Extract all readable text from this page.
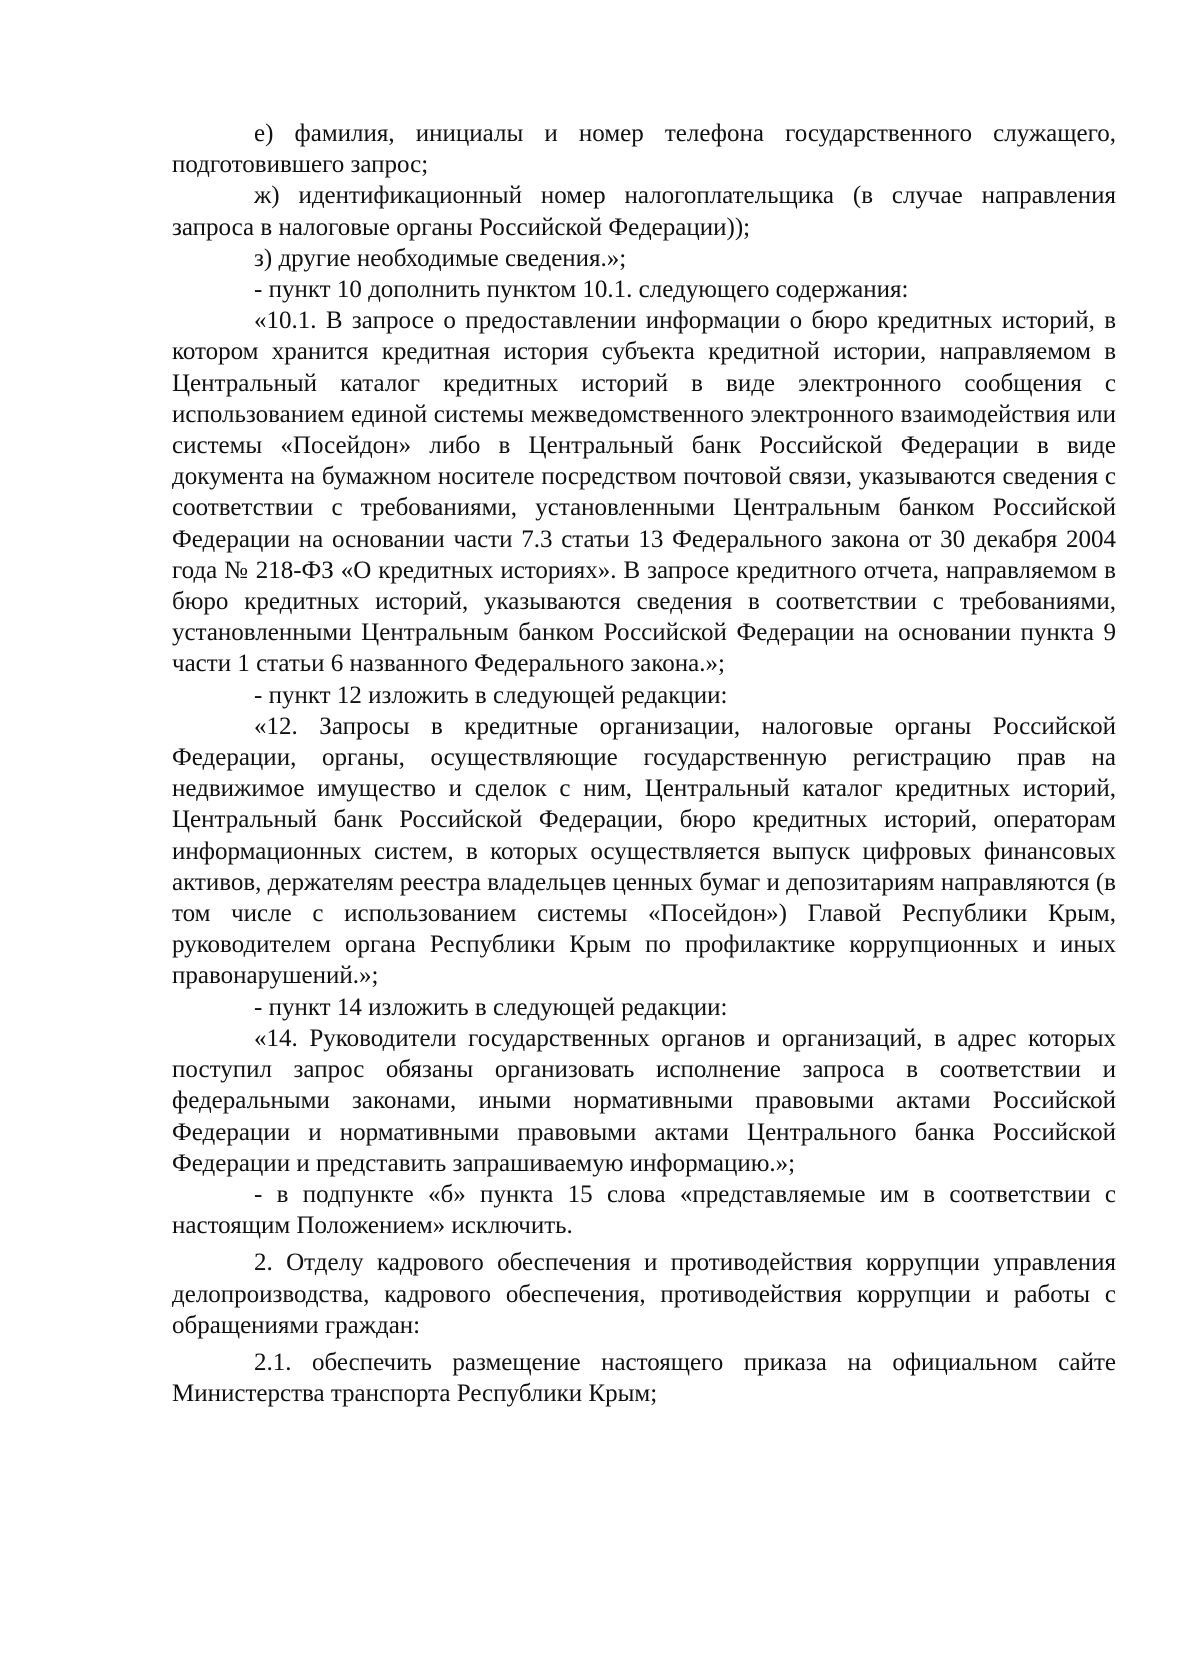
е) фамилия, инициалы и номер телефона государственного служащего, подготовившего запрос;

ж) идентификационный номер налогоплательщика (в случае направления запроса в налоговые органы Российской Федерации));

з) другие необходимые сведения.»;

- пункт 10 дополнить пунктом 10.1. следующего содержания:

«10.1. В запросе о предоставлении информации о бюро кредитных историй, в котором хранится кредитная история субъекта кредитной истории, направляемом в Центральный каталог кредитных историй в виде электронного сообщения с использованием единой системы межведомственного электронного взаимодействия или системы «Посейдон» либо в Центральный банк Российской Федерации в виде документа на бумажном носителе посредством почтовой связи, указываются сведения с соответствии с требованиями, установленными Центральным банком Российской Федерации на основании части 7.3 статьи 13 Федерального закона от 30 декабря 2004 года № 218-ФЗ «О кредитных историях». В запросе кредитного отчета, направляемом в бюро кредитных историй, указываются сведения в соответствии с требованиями, установленными Центральным банком Российской Федерации на основании пункта 9 части 1 статьи 6 названного Федерального закона.»;

- пункт 12 изложить в следующей редакции:

«12. Запросы в кредитные организации, налоговые органы Российской Федерации, органы, осуществляющие государственную регистрацию прав на недвижимое имущество и сделок с ним, Центральный каталог кредитных историй, Центральный банк Российской Федерации, бюро кредитных историй, операторам информационных систем, в которых осуществляется выпуск цифровых финансовых активов, держателям реестра владельцев ценных бумаг и депозитариям направляются (в том числе с использованием системы «Посейдон») Главой Республики Крым, руководителем органа Республики Крым по профилактике коррупционных и иных правонарушений.»;

- пункт 14 изложить в следующей редакции:

«14. Руководители государственных органов и организаций, в адрес которых поступил запрос обязаны организовать исполнение запроса в соответствии и федеральными законами, иными нормативными правовыми актами Российской Федерации и нормативными правовыми актами Центрального банка Российской Федерации и представить запрашиваемую информацию.»;

- в подпункте «б» пункта 15 слова «представляемые им в соответствии с настоящим Положением» исключить.

2. Отделу кадрового обеспечения и противодействия коррупции управления делопроизводства, кадрового обеспечения, противодействия коррупции и работы с обращениями граждан:

2.1. обеспечить размещение настоящего приказа на официальном сайте Министерства транспорта Республики Крым;
